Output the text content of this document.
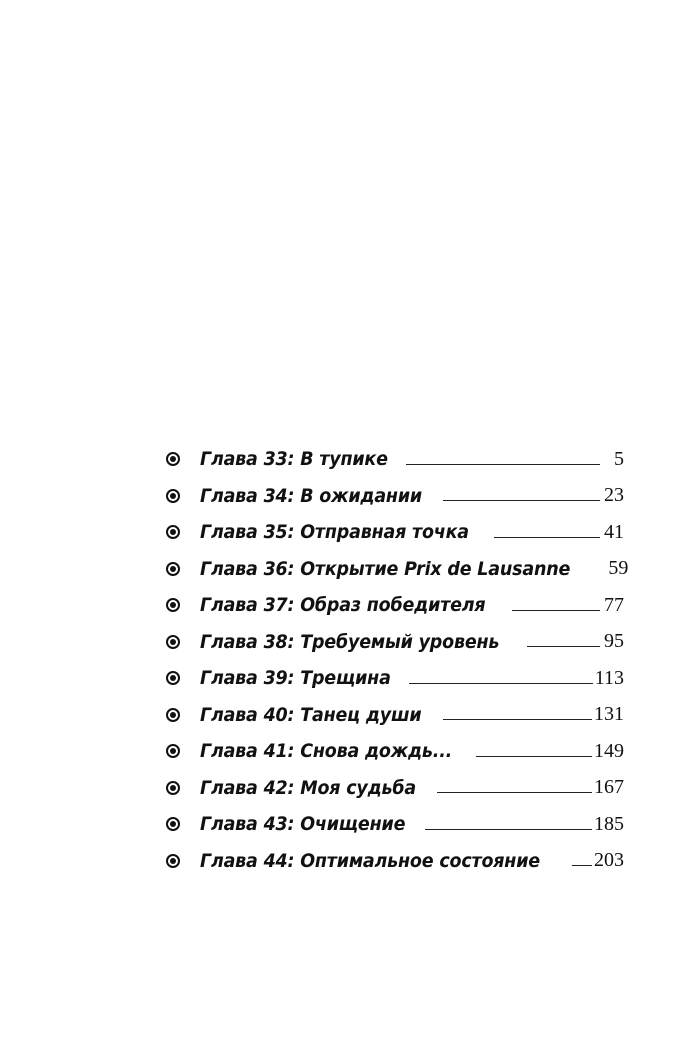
Глава 33: В тупике	5
Глава 34: В ожидании	23
Глава 35: Отправная точка	41
Глава 36: Открытие Prix de Lausanne 59
Глава 37: Образ победителя	77
Глава 38: Требуемый уровень	95
Глава 39: Трещина	113
Глава 40: Танец души	131
Глава 41: Снова дождь...	149
Глава 42: Моя судьба	167
Глава 43: Очищение	185
Глава 44: Оптимальное состояние	203
